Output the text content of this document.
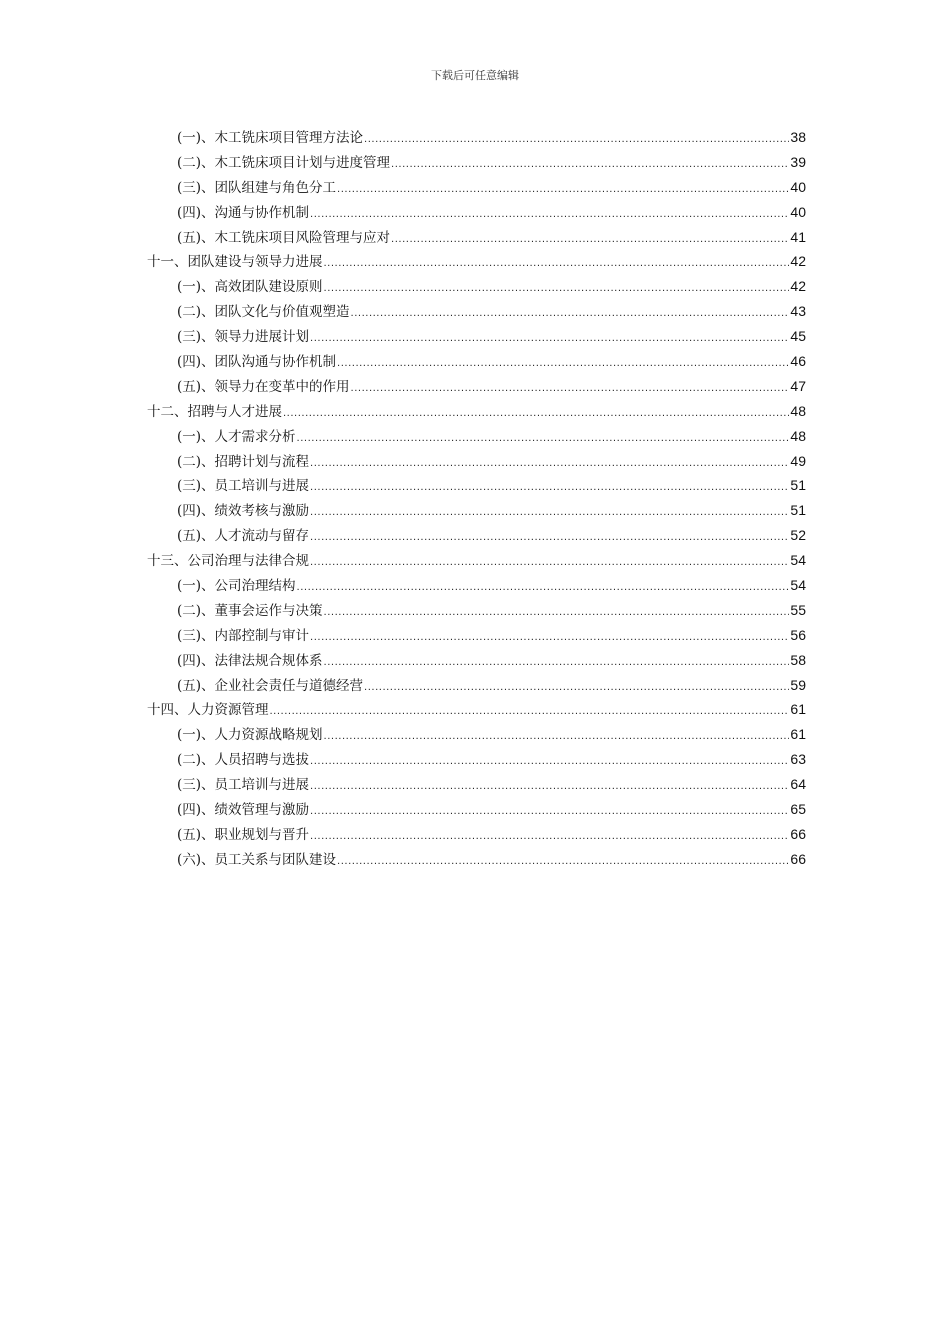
下载后可任意编辑
(一)、木工铣床项目管理方法论 .....	38
(二)、木工铣床项目计划与进度管理 .....	39
(三)、团队组建与角色分工 .....	40
(四)、沟通与协作机制 .....	40
(五)、木工铣床项目风险管理与应对 .....	41
十一、团队建设与领导力进展 .....	42
(一)、高效团队建设原则 .....	42
(二)、团队文化与价值观塑造 .....	43
(三)、领导力进展计划 .....	45
(四)、团队沟通与协作机制 .....	46
(五)、领导力在变革中的作用 .....	47
十二、招聘与人才进展 .....	48
(一)、人才需求分析 .....	48
(二)、招聘计划与流程 .....	49
(三)、员工培训与进展 .....	51
(四)、绩效考核与激励 .....	51
(五)、人才流动与留存 .....	52
十三、公司治理与法律合规 .....	54
(一)、公司治理结构 .....	54
(二)、董事会运作与决策 .....	55
(三)、内部控制与审计 .....	56
(四)、法律法规合规体系 .....	58
(五)、企业社会责任与道德经营 .....	59
十四、人力资源管理 .....	61
(一)、人力资源战略规划 .....	61
(二)、人员招聘与选拔 .....	63
(三)、员工培训与进展 .....	64
(四)、绩效管理与激励 .....	65
(五)、职业规划与晋升 .....	66
(六)、员工关系与团队建设 .....	66
